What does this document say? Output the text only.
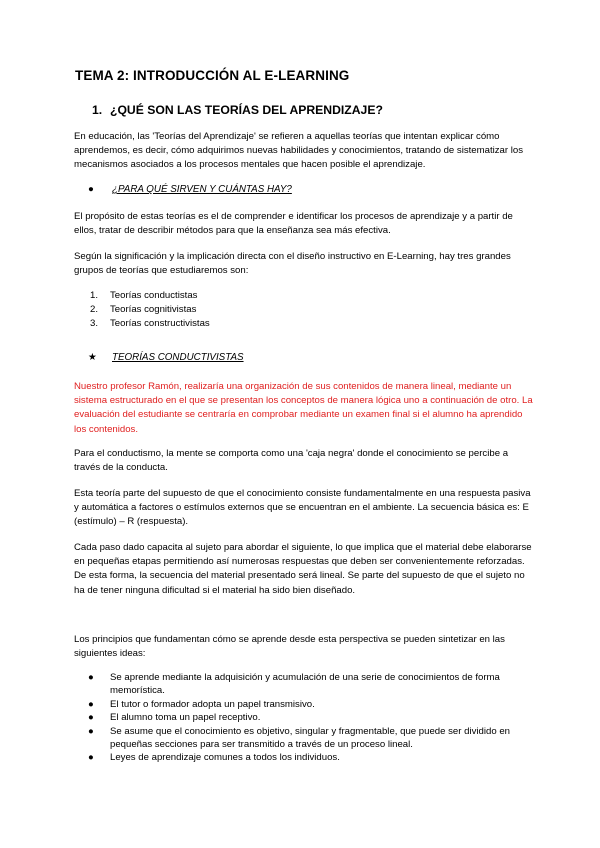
TEMA 2: INTRODUCCIÓN AL E-LEARNING
1. ¿QUÉ SON LAS TEORÍAS DEL APRENDIZAJE?
En educación, las 'Teorías del Aprendizaje' se refieren a aquellas teorías que intentan explicar cómo aprendemos, es decir, cómo adquirimos nuevas habilidades y conocimientos, tratando de sistematizar los mecanismos asociados a los procesos mentales que hacen posible el aprendizaje.
● ¿PARA QUÉ SIRVEN Y CUÁNTAS HAY?
El propósito de estas teorías es el de comprender e identificar los procesos de aprendizaje y a partir de ellos, tratar de describir métodos para que la enseñanza sea más efectiva.
Según la significación y la implicación directa con el diseño instructivo en E-Learning, hay tres grandes grupos de teorías que estudiaremos son:
1. Teorías conductistas
2. Teorías cognitivistas
3. Teorías constructivistas
★ TEORÍAS CONDUCTIVISTAS
Nuestro profesor Ramón, realizaría una organización de sus contenidos de manera lineal, mediante un sistema estructurado en el que se presentan los conceptos de manera lógica uno a continuación de otro. La evaluación del estudiante se centraría en comprobar mediante un examen final si el alumno ha aprendido los contenidos.
Para el conductismo, la mente se comporta como una 'caja negra' donde el conocimiento se percibe a través de la conducta.
Esta teoría parte del supuesto de que el conocimiento consiste fundamentalmente en una respuesta pasiva y automática a factores o estímulos externos que se encuentran en el ambiente. La secuencia básica es: E (estímulo) – R (respuesta).
Cada paso dado capacita al sujeto para abordar el siguiente, lo que implica que el material debe elaborarse en pequeñas etapas permitiendo así numerosas respuestas que deben ser convenientemente reforzadas. De esta forma, la secuencia del material presentado será lineal. Se parte del supuesto de que el sujeto no ha de tener ninguna dificultad si el material ha sido bien diseñado.
Los principios que fundamentan cómo se aprende desde esta perspectiva se pueden sintetizar en las siguientes ideas:
● Se aprende mediante la adquisición y acumulación de una serie de conocimientos de forma memorística.
● El tutor o formador adopta un papel transmisivo.
● El alumno toma un papel receptivo.
● Se asume que el conocimiento es objetivo, singular y fragmentable, que puede ser dividido en pequeñas secciones para ser transmitido a través de un proceso lineal.
● Leyes de aprendizaje comunes a todos los individuos.
